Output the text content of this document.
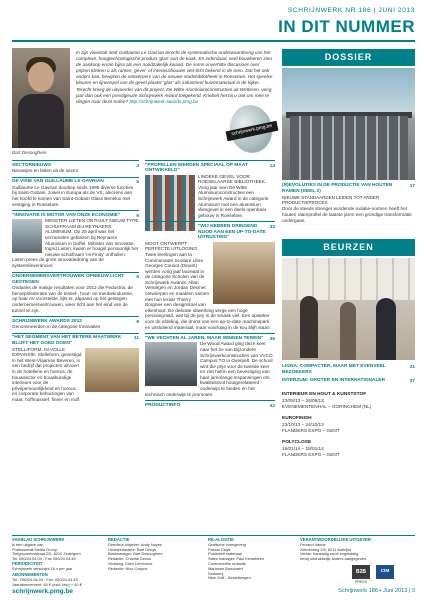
SCHRIJNWERK NR.186 | JUNI 2013
IN DIT NUMMER
Bart Desoughere
In zijn visiestuk stelt Guillaume Le Gavrian terecht de systematische onderwaardering van het complexe, hoogtechnologische product 'glas' aan de kaak. En inderdaad, veel bouwheren zien de aankoop ervan bijna als een noodzakelijk kwaad. De soms onverhitte discussies over prijzen klinken u als ramen, gevel- of interieurbouwer wel-licht bekend in de oren. Dat het ook anders kan, bewijzen de ontwerpers van de nieuwe stadsbibliotheek in Roeselare. Het speelse kleuren en lijnenspel van de gevel plaatst 'glas' als industrieel huizemateriaal in de kijker. Terecht kreeg de uitvoerder van dit project, De Witte Aluminiumconstructies uit Wetteren, vorig jaar dan ook een prestigieuze Schrijnwerk Award toegekend. Kriebelt het bij u ook om mee te dingen naar deze trofee? http://schrijnwerk-awards.pmg.be
schrijnwerk.pmg.be
DOSSIER
(R)EVOLUTIES IN DE PRODUCTIE VAN HOUTEN RAMEN (DEEL 2)
17
NIEUWE STANDAARDEN LEIDEN TOT ANDER PRODUCTIEPROCES
Door de steeds strenger wordende isolatie-normen heeft het houten raamprofiel de laatste jaren een grondige transformatie ondergaan.
BEURZEN
LIGNA: COMPACTER, MAAR MET EVENVEEL BEZOEKERS
21
INTERZUM: GROTER EN INTERNATIONALER	27
INTERIEUR EN HOUT & KUNSTSTOF
23/09/13 – 26/09/13
EVENEMENTENHAL – GORINCHEM (NL)
EUROFINISH
23/10/13 – 24/10/13
FLANDERS EXPO – GENT
POLYCLOSE
16/01/14 – 18/01/14
FLANDERS EXPO – GENT
SECTORNIEUWS	4
Nieuwtjes en feiten uit de sector
DE VISIE VAN GUILLAUME LE GAVRIAN	5
Guillaume Le Gavrian doorliep sinds 1995 diverse functies bij Saint-Gobain, zowel in Europa als de VS, alvorens aan het hoofd te komen van Saint-Gobain Glass Benelux met vestiging in Roeselare.
"INNOVATIE IS MOTOR VAN ONZE ECONOMIE"	6
MINISTER LIETEN ONTHULT NIEUW TYPE SCHUIFRAAM BIJ REYNAERS ALUMINIUM. Op 29 april was het verzamelen geblazen bij Reynaers Aluminium in Duffel. Minister van Innovatie, Ingrid Lieten, kwam er hoogst persoonlijk het nieuwe schuifraam 'Hi-Finity' onthullen. Lieten prees de grote innovatiedrang van de systeemleverancier.
ONDERNEMERSVERTROUWEN OPNIEUW LICHT GESTEGEN
6
Ondanks de matige resultaten voor 2012 die Fedustria, de beroepsfederatie van de textiel-, hout- en meubelindustrie, op haar AV voorstelde, lijkt er, afgaand op het gestegen ondernemersvertrouwen, weer licht aan het eind van de tunnel te zijn.
SCHRIJNWERK AWARDS 2012	9
Genomineerden in de categorie Innovaties
"HET SEGMENT VAN HET BETERE MAATWERK BLIJFT HET GOED DOEN"
11
STELLIFORM, IN VOLLE EXPANSIE. Stelleform, gevestigd in het West-Vlaamse Beveren, is een bedrijf dat projecten uitvoert in de hotellerie en horeca, de bouwsector en bouwkundige interieurs voor de privépersoonlijkheid en horeca, en corporate behuizingen van maat, hoffmassief, fineer en mdf.
"PROPELLEN WERDEN SPECIAAL OP MAAT ONTWIKKELD"
14
LINDEKE GEVEL VOOR ROESELAARSE BIBLIOTHEEK. Vorig jaar won De Witte Aluminiumconstructies een Schrijnwerk Award in de categorie Aluminium met een aluminium vliesgevel in een deels openbaar gebouw in Roeselare.
"WIJ HEBBEN DRINGEND NOOD AAN EEN UP-TO-DATE UITRUSTING"
33
MOOT ONTWERPT PERFECTE UITLOGING. Twee leerlingen aan la Communauté Scolaire Libre Georges Cousot (Dinant) werden vorig jaar laureaat in de categorie Scholen van de Schrijnwerk Awards. Allan Verstegen en Jordan Desmet ontwierpen en maakten samen met hun leraar Thierry Borgnier een designstoel van eikenhout. De delicate uitwerking verge een hoge precisiegraad, wat bij de jury in de smaak viel. Een opsteker voor de afdeling, die dromt van een up-to-date machinepark en uitsluitend materiaal, maar voorlopig in de kou blijft staan.
"WE VECHTEN AL JAREN, MAAR WINNEN TEREIN" 35
De Wood Award ging deze keer naar het 2e van Bijzondere Schrijnwerkconstructies van VVCO Campus TO in Overpelt. De school wint die prijs voor de tweede keer en ziet hierin een bevestiging van haar jarenlange inspanningen om kwaliteitsvol houtgerelateerd onderwijs te bieden en het technisch onderwijs te promoten.
PRODUCTINFO	42
VAKBLAD SCHRIJNWERK
is een uitgave van
Professional Media Group
Tiefgrouwensstraat 2/5, 8210 Zedelgem
Tel. 050/24.04.04 - Fax 050/24.04.45
PERIODICITEIT
Schrijnwerk verschijnt 10 x per jaar
ABONNEMENTEN
Tel.: 050/24.04.04 - Fax: 050/24.04.45
Jaarabonnement: 85 € (excl. btw) + 40 €
REDACTIE
Directeur-uitgever: Andy Noyez
Hoofdredacteur: Bart Denys
Bladmanager: Bart Desoughere
Redactie: Chantal Devos
Vertaling: Ellen Lerrevene
Redactie: Nico Cosyns
RE-ALISATIE
Grafische vormgeving
Pascal Clays
Publiciteit materiaal
Sales manager: Paul Kersebeen
Commerciële redactie
Marianne Bouckaert
Drukkerij
New Goff - Destelbergen
VERANTWOORDELIJKE UITGEVER
Ferrand Vanne
Zelmerweg 2/5, 8211 Aartrijke
Versie: franstalig en/of engelstalig,
tenzij uitdrukkelijk anders aangegeven.
B2B
PRESS
CIM
schrijnwerk.pmg.be	Schrijnwerk 186 ▪ Juni 2013 | 3
